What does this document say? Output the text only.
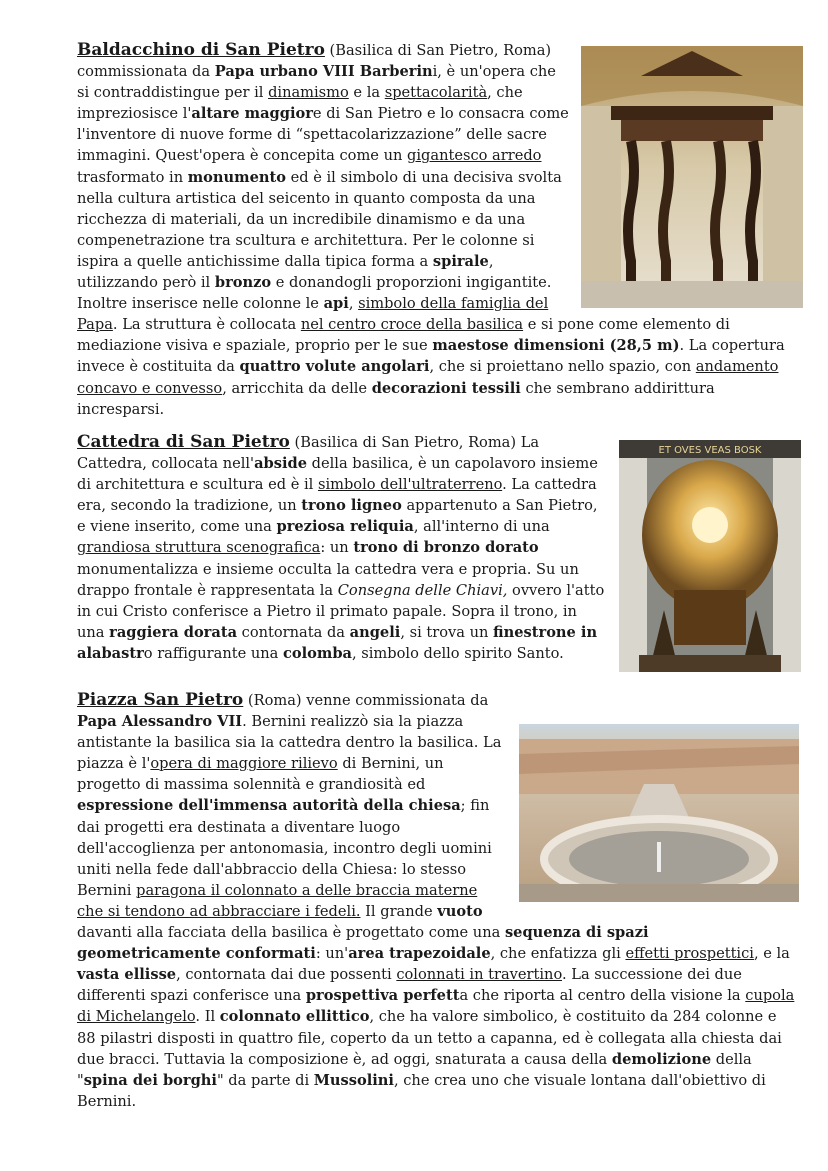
Baldacchino di San Pietro (Basilica di San Pietro, Roma) commissionata da Papa urbano VIII Barberini, è un'opera che si contraddistingue per il dinamismo e la spettacolarità, che impreziosisce l'altare maggiore di San Pietro e lo consacra come l'inventore di nuove forme di “spettacolarizzazione” delle sacre immagini. Quest'opera è concepita come un gigantesco arredo trasformato in monumento ed è il simbolo di una decisiva svolta nella cultura artistica del seicento in quanto composta da una ricchezza di materiali, da un incredibile dinamismo e da una compenetrazione tra scultura e architettura. Per le colonne si ispira a quelle antichissime dalla tipica forma a spirale, utilizzando però il bronzo e donandogli proporzioni ingigantite. Inoltre inserisce nelle colonne le api, simbolo della famiglia del Papa. La struttura è collocata nel centro croce della basilica e si pone come elemento di mediazione visiva e spaziale, proprio per le sue maestose dimensioni (28,5 m). La copertura invece è costituita da quattro volute angolari, che si proiettano nello spazio, con andamento concavo e convesso, arricchita da delle decorazioni tessili che sembrano addirittura incresparsi.

ET OVES VEAS BOSK

Cattedra di San Pietro (Basilica di San Pietro, Roma) La Cattedra, collocata nell'abside della basilica, è un capolavoro insieme di architettura e scultura ed è il simbolo dell'ultraterreno. La cattedra era, secondo la tradizione, un trono ligneo appartenuto a San Pietro, e viene inserito, come una preziosa reliquia, all'interno di una grandiosa struttura scenografica: un trono di bronzo dorato monumentalizza e insieme occulta la cattedra vera e propria. Su un drappo frontale è rappresentata la Consegna delle Chiavi, ovvero l'atto in cui Cristo conferisce a Pietro il primato papale. Sopra il trono, in una raggiera dorata contornata da angeli, si trova un finestrone in alabastro raffigurante una colomba, simbolo dello spirito Santo.

Piazza San Pietro (Roma) venne commissionata da Papa Alessandro VII. Bernini realizzò sia la piazza antistante la basilica sia la cattedra dentro la basilica. La piazza è l'opera di maggiore rilievo di Bernini, un progetto di massima solennità e grandiosità ed espressione dell'immensa autorità della chiesa; fin dai progetti era destinata a diventare luogo dell'accoglienza per antonomasia, incontro degli uomini uniti nella fede dall'abbraccio della Chiesa: lo stesso Bernini paragona il colonnato a delle braccia materne che si tendono ad abbracciare i fedeli. Il grande vuoto davanti alla facciata della basilica è progettato come una sequenza di spazi geometricamente conformati: un'area trapezoidale, che enfatizza gli effetti prospettici, e la vasta ellisse, contornata dai due possenti colonnati in travertino. La successione dei due differenti spazi conferisce una prospettiva perfetta che riporta al centro della visione la cupola di Michelangelo. Il colonnato ellittico, che ha valore simbolico, è costituito da 284 colonne e 88 pilastri disposti in quattro file, coperto da un tetto a capanna, ed è collegata alla chiesta dai due bracci. Tuttavia la composizione è, ad oggi, snaturata a causa della demolizione della "spina dei borghi" da parte di Mussolini, che crea uno che visuale lontana dall'obiettivo di Bernini.
